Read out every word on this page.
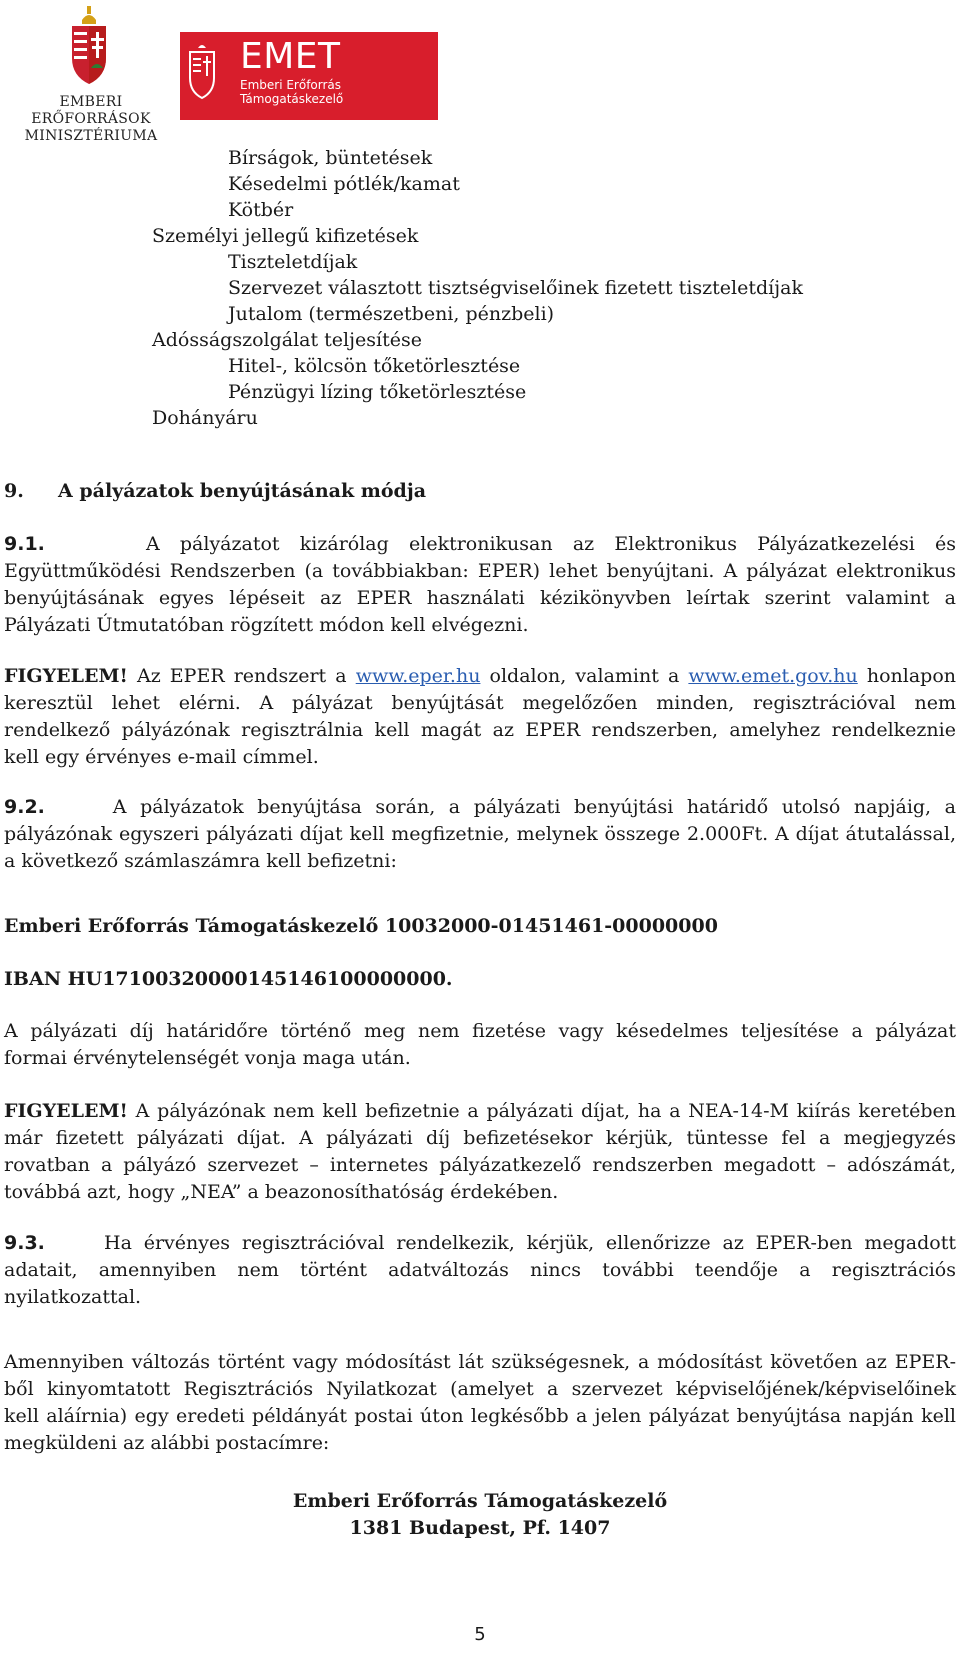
EMBERI ERŐFORRÁSOK
MINISZTÉRIUMA
EMET
Emberi Erőforrás
Támogatáskezelő
Bírságok, büntetések
Késedelmi pótlék/kamat
Kötbér
Személyi jellegű kifizetések
Tiszteletdíjak
Szervezet választott tisztségviselőinek fizetett tiszteletdíjak
Jutalom (természetbeni, pénzbeli)
Adósságszolgálat teljesítése
Hitel-, kölcsön tőketörlesztése
Pénzügyi lízing tőketörlesztése
Dohányáru
9. A pályázatok benyújtásának módja
9.1.	A pályázatot kizárólag elektronikusan az Elektronikus Pályázatkezelési és
Együttműködési Rendszerben (a továbbiakban: EPER) lehet benyújtani. A pályázat elektronikus
benyújtásának egyes lépéseit az EPER használati kézikönyvben leírtak szerint valamint a
Pályázati Útmutatóban rögzített módon kell elvégezni.
FIGYELEM! Az EPER rendszert a www.eper.hu oldalon, valamint a www.emet.gov.hu honlapon
keresztül lehet elérni. A pályázat benyújtását megelőzően minden, regisztrációval nem
rendelkező pályázónak regisztrálnia kell magát az EPER rendszerben, amelyhez rendelkeznie
kell egy érvényes e-mail címmel.
9.2.	A pályázatok benyújtása során, a pályázati benyújtási határidő utolsó napjáig, a
pályázónak egyszeri pályázati díjat kell megfizetnie, melynek összege 2.000Ft. A díjat átutalással,
a következő számlaszámra kell befizetni:
Emberi Erőforrás Támogatáskezelő 10032000-01451461-00000000
IBAN HU17100320000145146100000000.
A pályázati díj határidőre történő meg nem fizetése vagy késedelmes teljesítése a pályázat
formai érvénytelenségét vonja maga után.
FIGYELEM! A pályázónak nem kell befizetnie a pályázati díjat, ha a NEA-14-M kiírás keretében
már fizetett pályázati díjat. A pályázati díj befizetésekor kérjük, tüntesse fel a megjegyzés
rovatban a pályázó szervezet – internetes pályázatkezelő rendszerben megadott – adószámát,
továbbá azt, hogy „NEA” a beazonosíthatóság érdekében.
9.3.	Ha érvényes regisztrációval rendelkezik, kérjük, ellenőrizze az EPER-ben megadott
adatait, amennyiben nem történt adatváltozás nincs további teendője a regisztrációs
nyilatkozattal.
Amennyiben változás történt vagy módosítást lát szükségesnek, a módosítást követően az EPER-
ből kinyomtatott Regisztrációs Nyilatkozat (amelyet a szervezet képviselőjének/képviselőinek
kell aláírnia) egy eredeti példányát postai úton legkésőbb a jelen pályázat benyújtása napján kell
megküldeni az alábbi postacímre:
Emberi Erőforrás Támogatáskezelő
1381 Budapest, Pf. 1407
5
